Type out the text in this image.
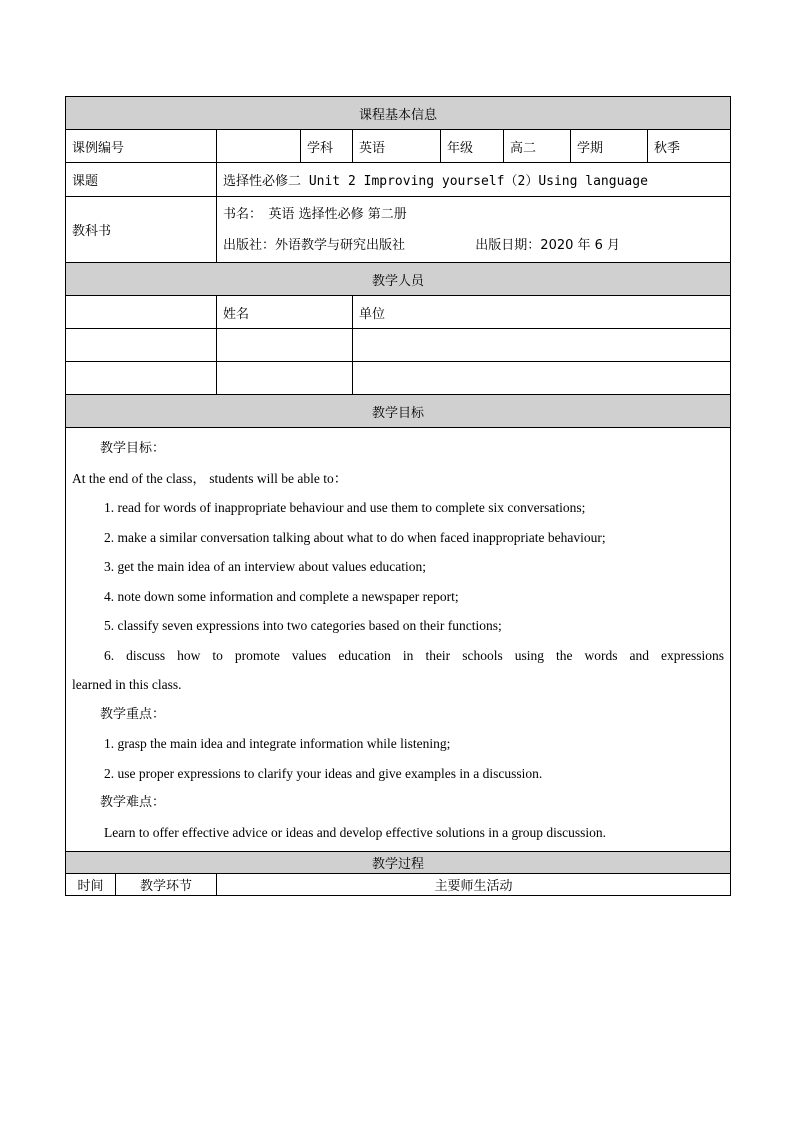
课程基本信息							
课例编号		学科	英语	年级	高二	学期	秋季
课题	选择性必修二 Unit 2 Improving yourself（2）Using language						
教科书	书名：　英语 选择性必修 第二册
出版社：外语教学与研究出版社 出版日期：2020 年 6 月						
教学人员		
	姓名	单位

教学目标

教学目标：

At the end of the class， students will be able to：

1. read for words of inappropriate behaviour and use them to complete six conversations;

2. make a similar conversation talking about what to do when faced inappropriate behaviour;

3. get the main idea of an interview about values education;

4. note down some information and complete a newspaper report;

5. classify seven expressions into two categories based on their functions;

6. discuss how to promote values education in their schools using the words and expressions

learned in this class.

教学重点：

1. grasp the main idea and integrate information while listening;

2. use proper expressions to clarify your ideas and give examples in a discussion.

教学难点：

Learn to offer effective advice or ideas and develop effective solutions in a group discussion.

教学过程
时间	教学环节	主要师生活动
